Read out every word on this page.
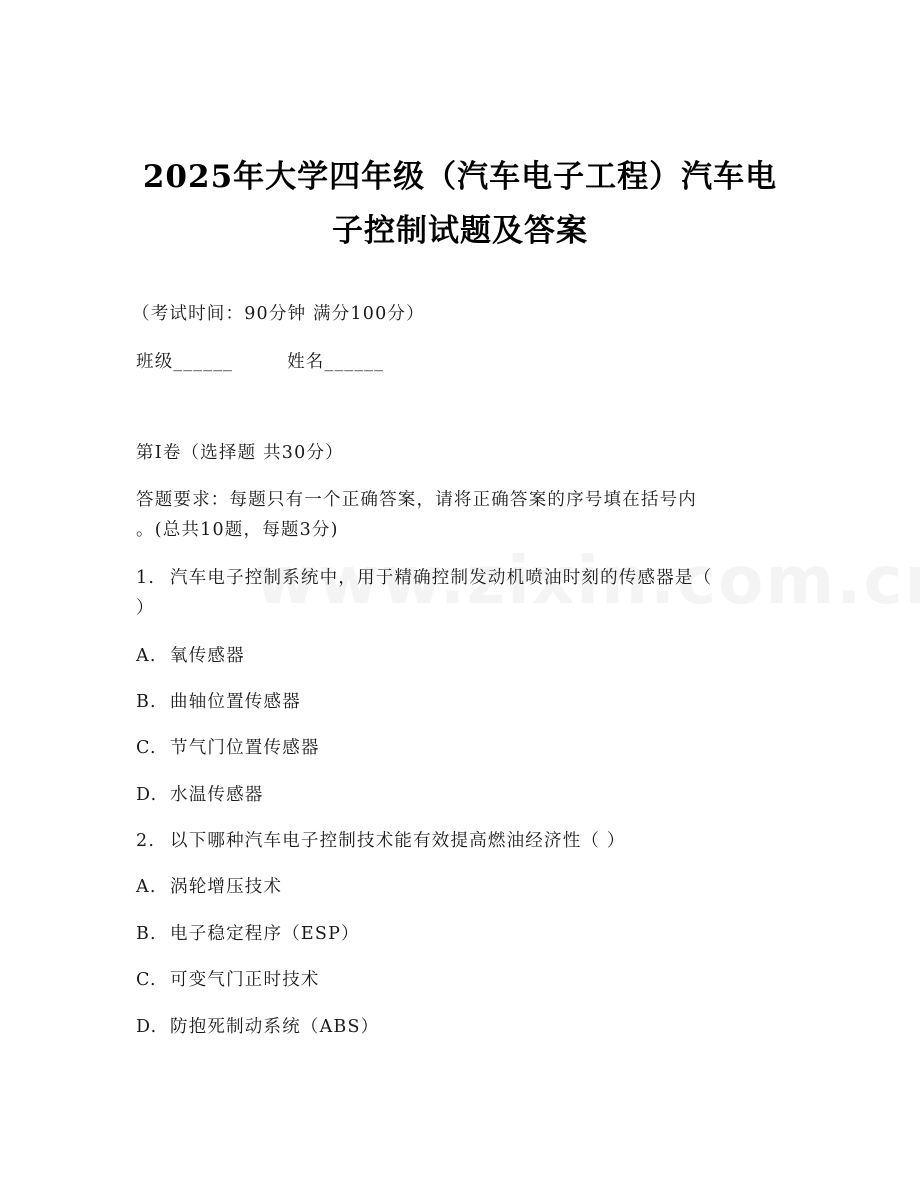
2025年大学四年级（汽车电子工程）汽车电
子控制试题及答案
（考试时间：90分钟 满分100分）
班级______	姓名______
第I卷（选择题 共30分）
答题要求：每题只有一个正确答案，请将正确答案的序号填在括号内
。(总共10题，每题3分)
1. 汽车电子控制系统中，用于精确控制发动机喷油时刻的传感器是（
）
A. 氧传感器
B. 曲轴位置传感器
C. 节气门位置传感器
D. 水温传感器
2. 以下哪种汽车电子控制技术能有效提高燃油经济性（ ）
A. 涡轮增压技术
B. 电子稳定程序（ESP）
C. 可变气门正时技术
D. 防抱死制动系统（ABS）
